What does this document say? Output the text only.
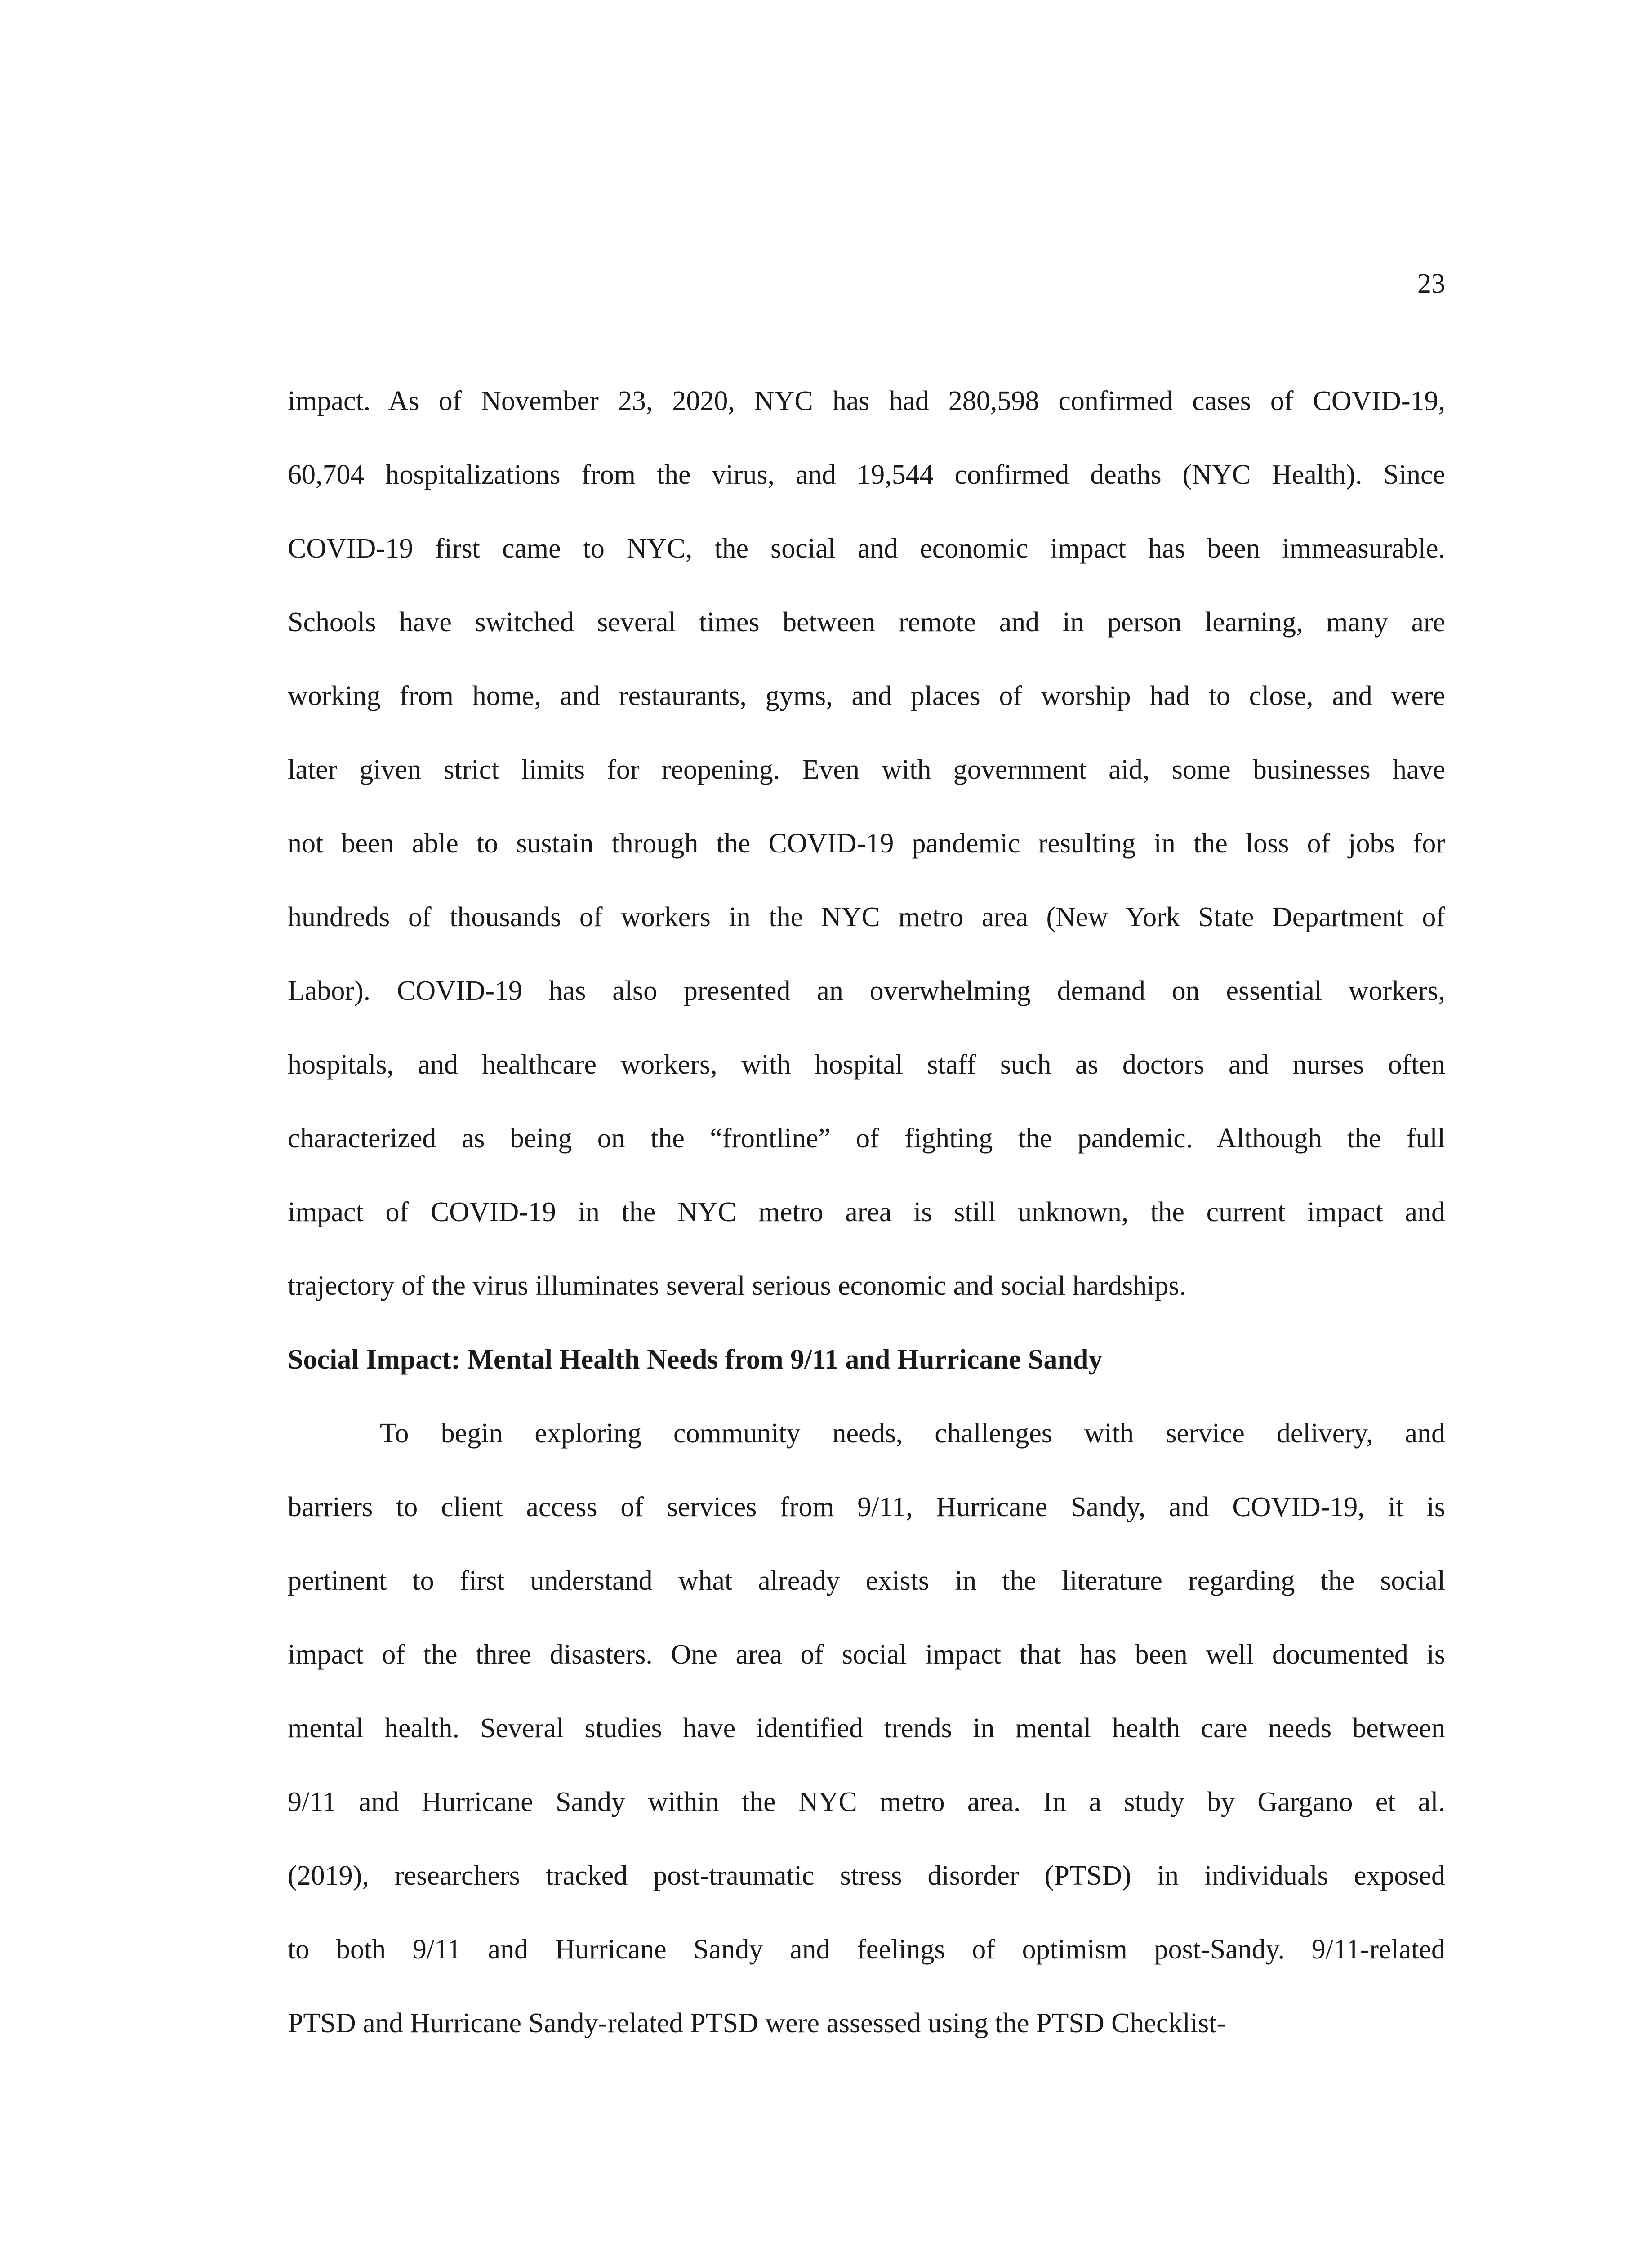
23
impact. As of November 23, 2020, NYC has had 280,598 confirmed cases of COVID-19,
60,704 hospitalizations from the virus, and 19,544 confirmed deaths (NYC Health). Since
COVID-19 first came to NYC, the social and economic impact has been immeasurable.
Schools have switched several times between remote and in person learning, many are
working from home, and restaurants, gyms, and places of worship had to close, and were
later given strict limits for reopening. Even with government aid, some businesses have
not been able to sustain through the COVID-19 pandemic resulting in the loss of jobs for
hundreds of thousands of workers in the NYC metro area (New York State Department of
Labor). COVID-19 has also presented an overwhelming demand on essential workers,
hospitals, and healthcare workers, with hospital staff such as doctors and nurses often
characterized as being on the “frontline” of fighting the pandemic. Although the full
impact of COVID-19 in the NYC metro area is still unknown, the current impact and
trajectory of the virus illuminates several serious economic and social hardships.
Social Impact: Mental Health Needs from 9/11 and Hurricane Sandy
To begin exploring community needs, challenges with service delivery, and
barriers to client access of services from 9/11, Hurricane Sandy, and COVID-19, it is
pertinent to first understand what already exists in the literature regarding the social
impact of the three disasters. One area of social impact that has been well documented is
mental health. Several studies have identified trends in mental health care needs between
9/11 and Hurricane Sandy within the NYC metro area. In a study by Gargano et al.
(2019), researchers tracked post-traumatic stress disorder (PTSD) in individuals exposed
to both 9/11 and Hurricane Sandy and feelings of optimism post-Sandy. 9/11-related
PTSD and Hurricane Sandy-related PTSD were assessed using the PTSD Checklist-
